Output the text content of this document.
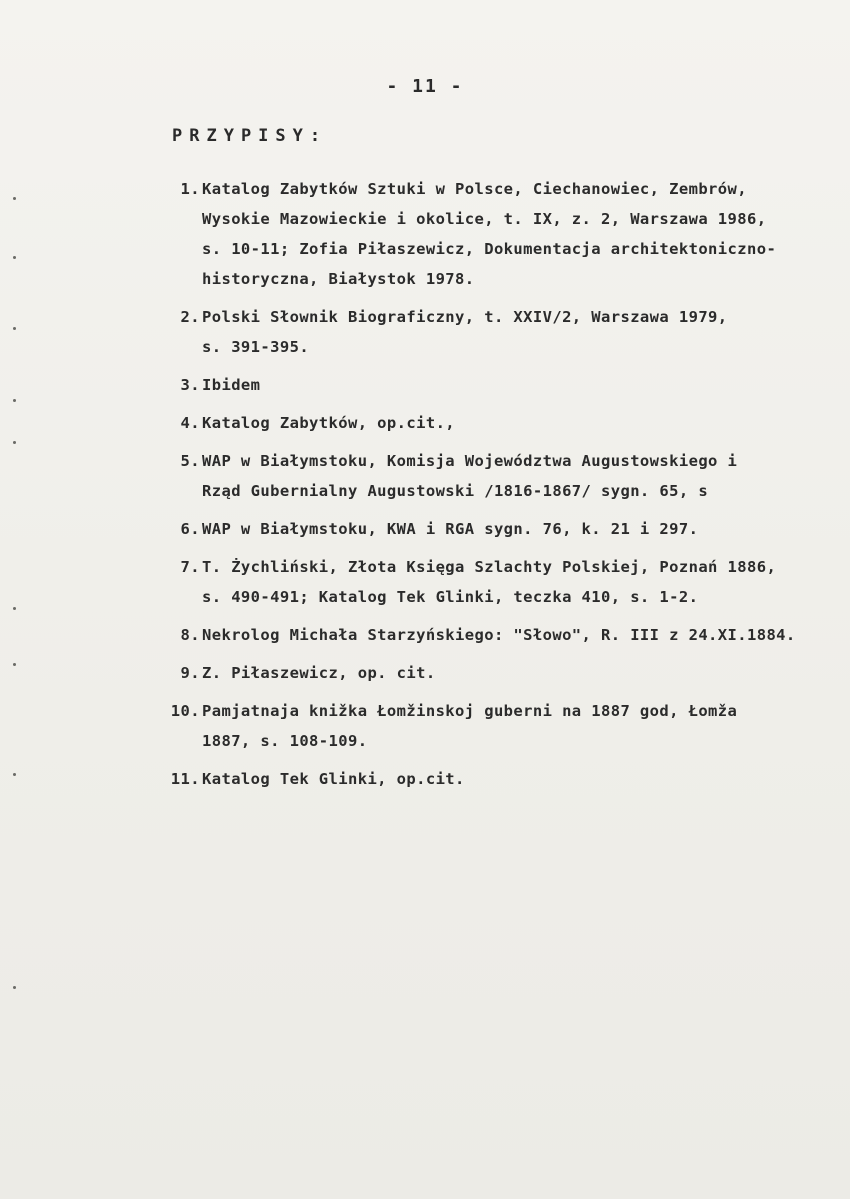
- 11 -
PRZYPISY:
1. Katalog Zabytków Sztuki w Polsce, Ciechanowiec, Zembrów,
Wysokie Mazowieckie i okolice, t. IX, z. 2, Warszawa 1986,
s. 10-11; Zofia Piłaszewicz, Dokumentacja architektoniczno-
historyczna, Białystok 1978.
2. Polski Słownik Biograficzny, t. XXIV/2, Warszawa 1979,
s. 391-395.
3. Ibidem
4. Katalog Zabytków, op.cit.,
5. WAP w Białymstoku, Komisja Województwa Augustowskiego i
Rząd Gubernialny Augustowski /1816-1867/ sygn. 65, s
6. WAP w Białymstoku, KWA i RGA sygn. 76, k. 21 i 297.
7. T. Żychliński, Złota Księga Szlachty Polskiej, Poznań 1886,
s. 490-491; Katalog Tek Glinki, teczka 410, s. 1-2.
8. Nekrolog Michała Starzyńskiego: "Słowo", R. III z 24.XI.1884.
9. Z. Piłaszewicz, op. cit.
10. Pamjatnaja knižka Łomžinskoj guberni na 1887 god, Łomža
1887, s. 108-109.
11. Katalog Tek Glinki, op.cit.
